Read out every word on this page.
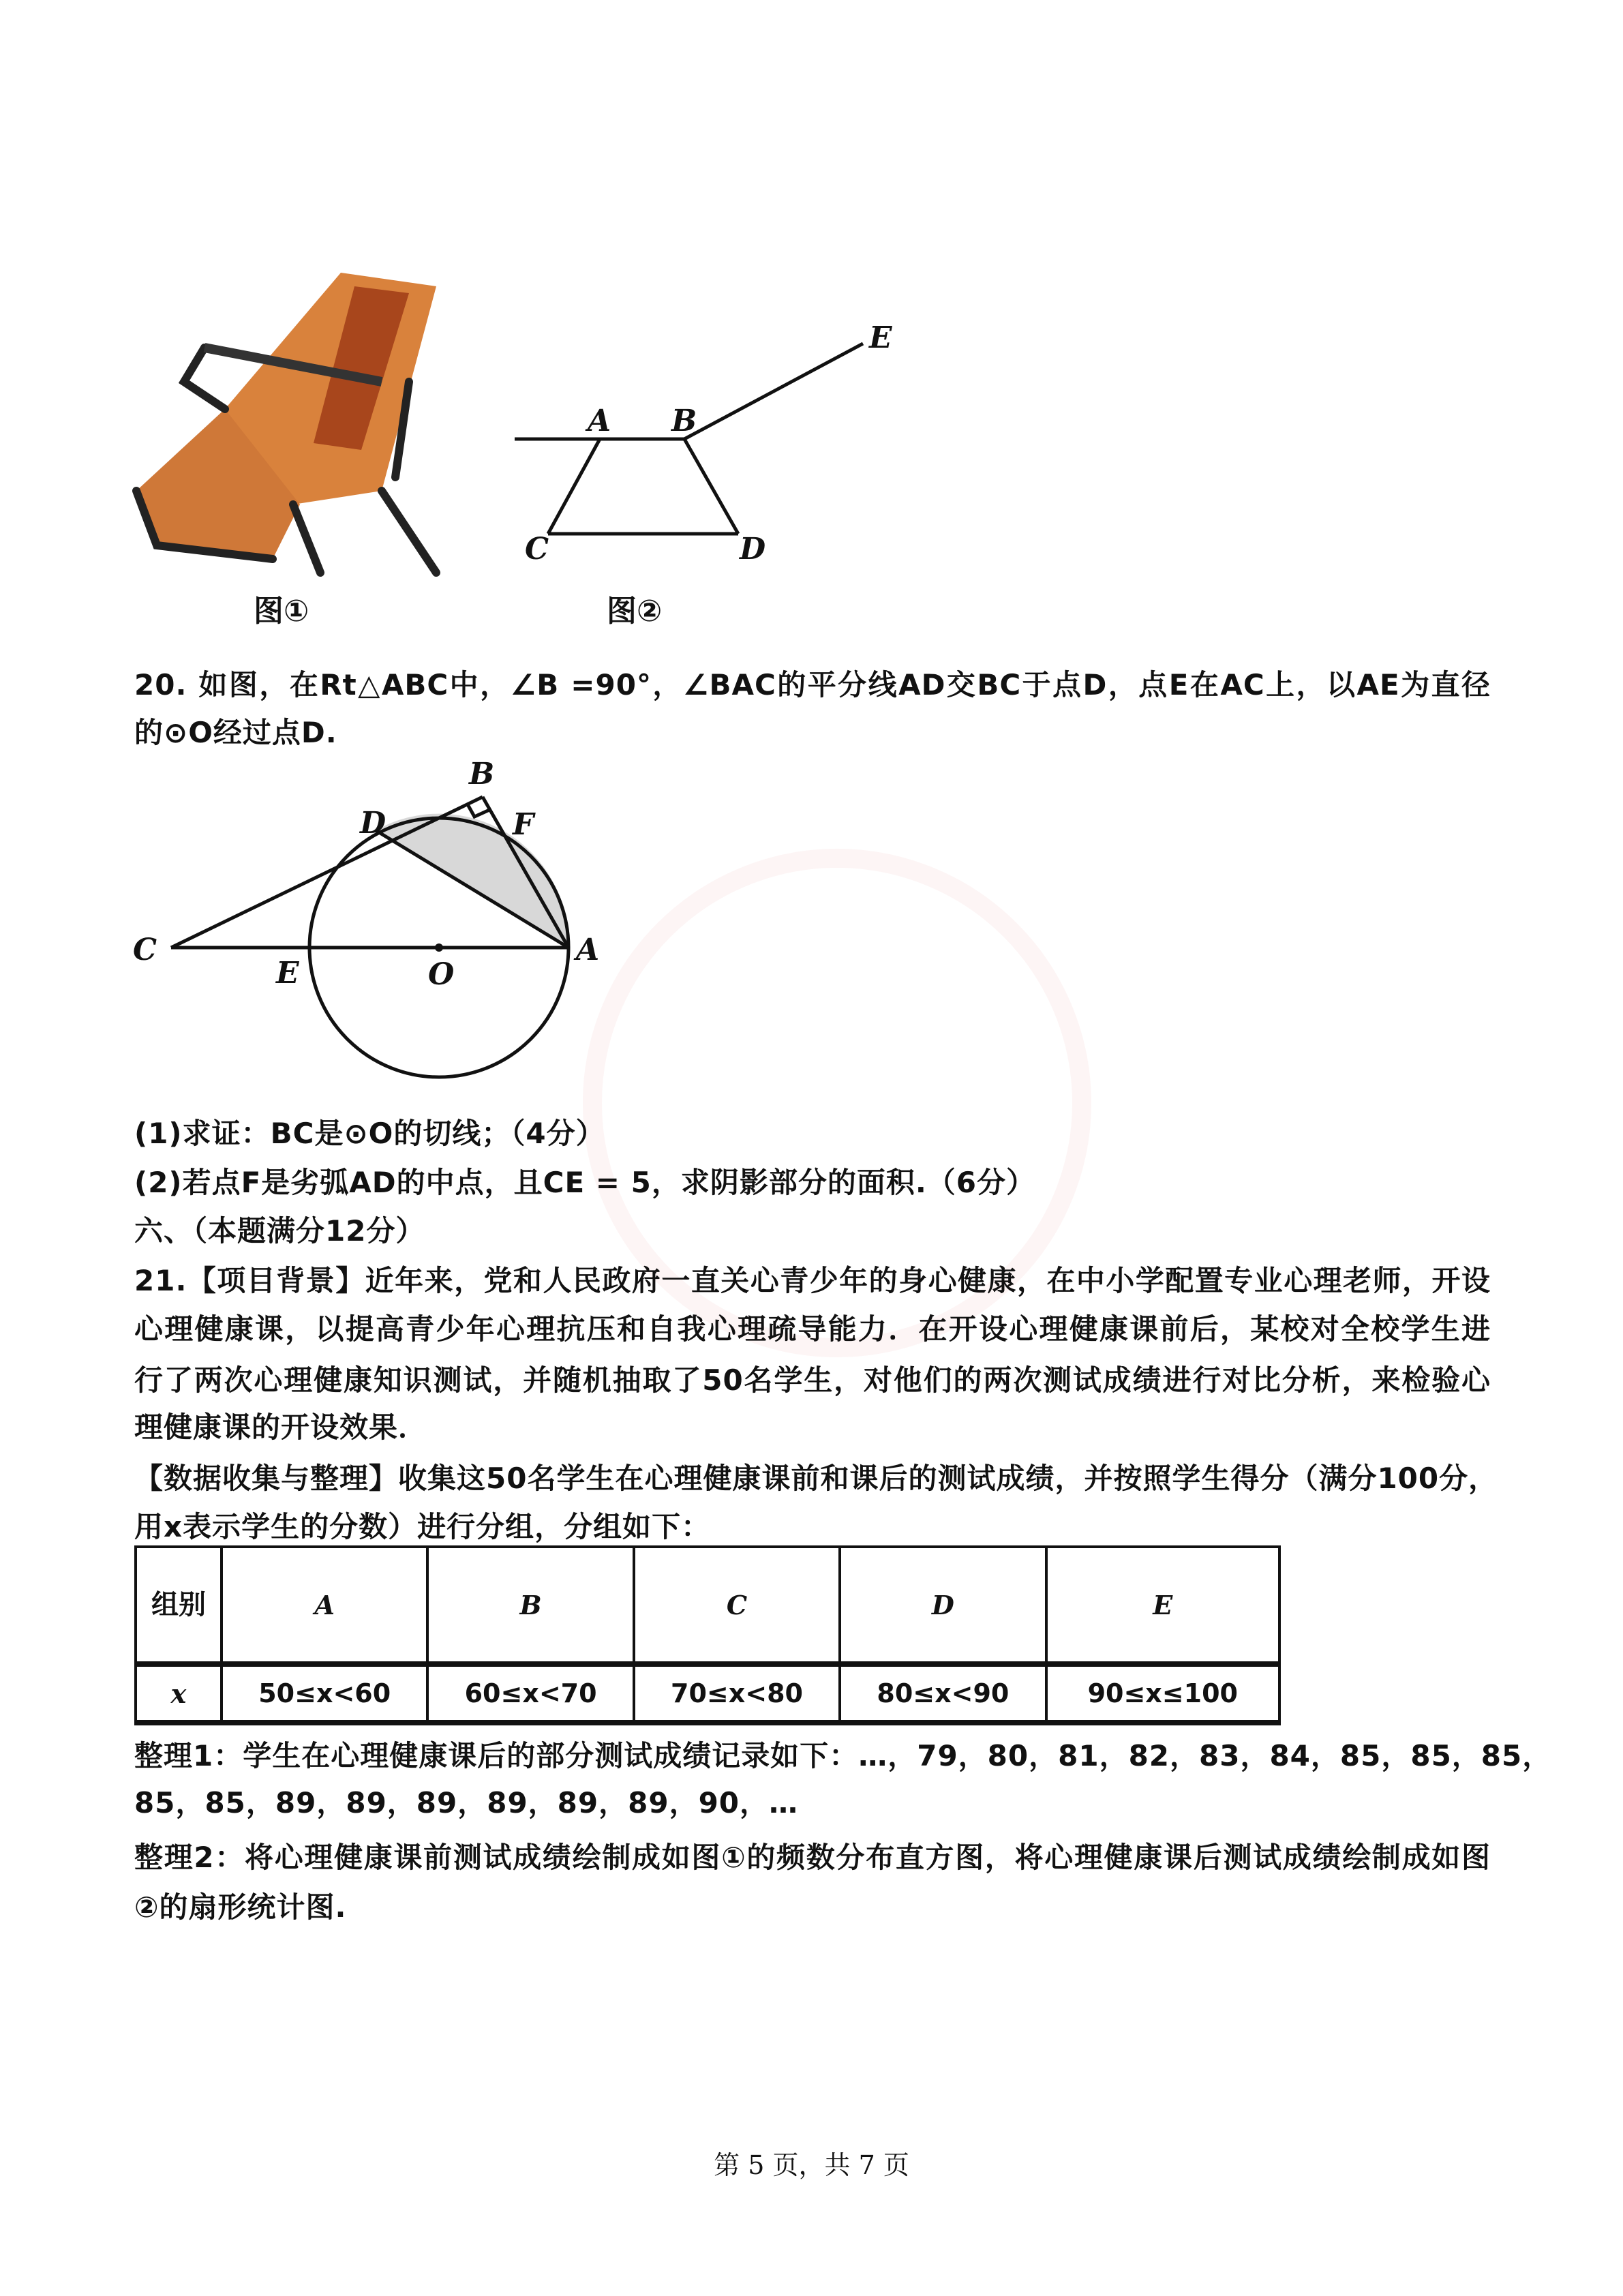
A B
C	D
E
B
D	F
C
E	O
A
图①	图②
20. 如图，在Rt△ABC中，∠B =90°，∠BAC的平分线AD交BC于点D，点E在AC上，以AE为直径
的⊙O经过点D.
(1)求证：BC是⊙O的切线；（4分）
(2)若点F是劣弧AD的中点，且CE = 5，求阴影部分的面积.（6分）
六、（本题满分12分）
21.【项目背景】近年来，党和人民政府一直关心青少年的身心健康，在中小学配置专业心理老师，开设
心理健康课，以提高青少年心理抗压和自我心理疏导能力．在开设心理健康课前后，某校对全校学生进
行了两次心理健康知识测试，并随机抽取了50名学生，对他们的两次测试成绩进行对比分析，来检验心
理健康课的开设效果．
【数据收集与整理】收集这50名学生在心理健康课前和课后的测试成绩，并按照学生得分（满分100分，
用x表示学生的分数）进行分组，分组如下：
组别	A	B	C	D	E
x	50≤x<60	60≤x<70	70≤x<80	80≤x<90	90≤x≤100
整理1：学生在心理健康课后的部分测试成绩记录如下：…，79，80，81，82，83，84，85，85，85，
85，85，89，89，89，89，89，89，90，…
整理2：将心理健康课前测试成绩绘制成如图①的频数分布直方图，将心理健康课后测试成绩绘制成如图
②的扇形统计图.
第 5 页，共 7 页
